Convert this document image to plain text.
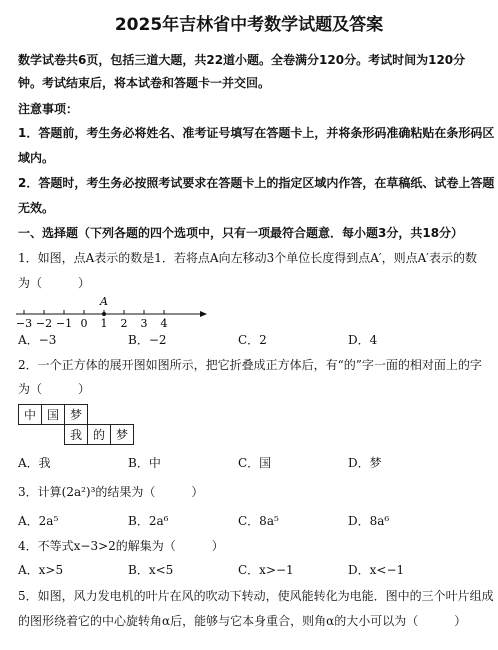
2025年吉林省中考数学试题及答案
数学试卷共6页，包括三道大题，共22道小题。全卷满分120分。考试时间为120分
钟。考试结束后，将本试卷和答题卡一并交回。
注意事项：
1．答题前，考生务必将姓名、准考证号填写在答题卡上，并将条形码准确粘贴在条形码区
域内。
2．答题时，考生务必按照考试要求在答题卡上的指定区域内作答，在草稿纸、试卷上答题
无效。
一、选择题（下列各题的四个选项中，只有一项最符合题意．每小题3分，共18分）
1．如图，点A表示的数是1．若将点A向左移动3个单位长度得到点A′，则点A′表示的数
为（　　　）
−3 −2 −1 0 1 2 3 4
A
A．−3	B．−2	C．2	D．4
2．一个正方体的展开图如图所示，把它折叠成正方体后，有“的”字一面的相对面上的字
为（　　　）
中 国 梦
我 的 梦
A．我	B．中	C．国	D．梦
3．计算(2a²)³的结果为（　　　）
A．2a⁵	B．2a⁶	C．8a⁵	D．8a⁶
4．不等式x−3>2的解集为（　　　）
A．x>5	B．x<5	C．x>−1	D．x<−1
5．如图，风力发电机的叶片在风的吹动下转动，使风能转化为电能．图中的三个叶片组成
的图形绕着它的中心旋转角α后，能够与它本身重合，则角α的大小可以为（　　　）
